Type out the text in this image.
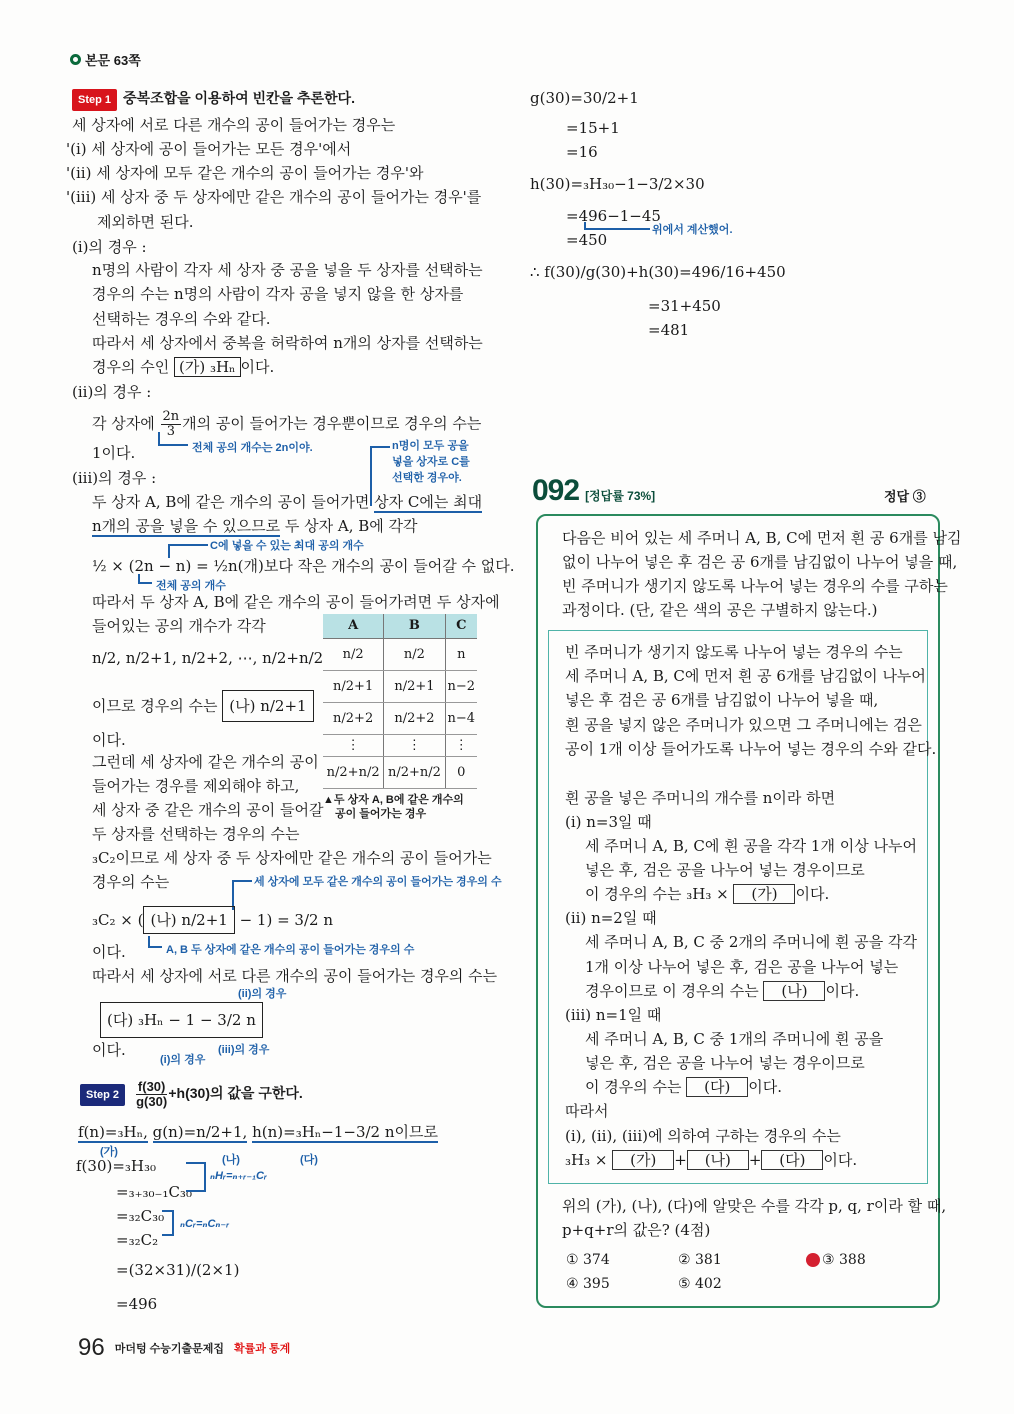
본문 63쪽
Step 1 중복조합을 이용하여 빈칸을 추론한다.
세 상자에 서로 다른 개수의 공이 들어가는 경우는
'(i) 세 상자에 공이 들어가는 모든 경우'에서
'(ii) 세 상자에 모두 같은 개수의 공이 들어가는 경우'와
'(iii) 세 상자 중 두 상자에만 같은 개수의 공이 들어가는 경우'를
제외하면 된다.
(i)의 경우 :
n명의 사람이 각자 세 상자 중 공을 넣을 두 상자를 선택하는
경우의 수는 n명의 사람이 각자 공을 넣지 않을 한 상자를
선택하는 경우의 수와 같다.
따라서 세 상자에서 중복을 허락하여 n개의 상자를 선택하는
경우의 수인 (가) ₃Hₙ 이다.
(ii)의 경우 :
각 상자에 $\frac{2n}{3}$ 개의 공이 들어가는 경우뿐이므로 경우의 수는
1이다.	전체 공의 개수는 2n이야.	n명이 모두 공을
넣을 상자로 C를
선택한 경우야.
(iii)의 경우 :
두 상자 A, B에 같은 개수의 공이 들어가면 상자 C에는 최대
n개의 공을 넣을 수 있으므로 두 상자 A, B에 각각
C에 넣을 수 있는 최대 공의 개수
½ × (2n − n) = ½n(개)보다 작은 개수의 공이 들어갈 수 없다.
전체 공의 개수
따라서 두 상자 A, B에 같은 개수의 공이 들어가려면 두 상자에
들어있는 공의 개수가 각각
n/2, n/2+1, n/2+2, ⋯, n/2+n/2
이므로 경우의 수는 (나) n/2+1
이다.
그런데 세 상자에 같은 개수의 공이
들어가는 경우를 제외해야 하고,
세 상자 중 같은 개수의 공이 들어갈
두 상자를 선택하는 경우의 수는
₃C₂이므로 세 상자 중 두 상자에만 같은 개수의 공이 들어가는
경우의 수는	세 상자에 모두 같은 개수의 공이 들어가는 경우의 수
₃C₂ × ( (나) n/2+1 − 1) = 3/2 n
이다.	A, B 두 상자에 같은 개수의 공이 들어가는 경우의 수
따라서 세 상자에 서로 다른 개수의 공이 들어가는 경우의 수는
(ii)의 경우
(다) ₃Hₙ − 1 − 3/2 n
(iii)의 경우
이다.
(i)의 경우
A	B	C
n/2	n/2	n
n/2+1	n/2+1	n−2
n/2+2	n/2+2	n−4
⋮	⋮	⋮
n/2+n/2	n/2+n/2	0
▲두 상자 A, B에 같은 개수의
공이 들어가는 경우
Step $2 \frac{f(30)}{g(30)} +h(30)$의 값을 구한다.
f(n)=₃Hₙ, g(n)=n/2+1, h(n)=₃Hₙ−1−3/2 n이므로
(가)
(나)	(다)
f(30)=₃H₃₀
=₃₊₃₀₋₁C₃₀
=₃₂C₃₀
=₃₂C₂
=(32×31)/(2×1)
=496
ₙHᵣ=ₙ₊ᵣ₋₁Cᵣ
ₙCᵣ=ₙCₙ₋ᵣ
g(30)=30/2+1
=15+1
=16
h(30)=₃H₃₀−1−3/2×30
=496−1−45
=450
위에서 계산했어.
∴ f(30)/g(30)+h(30)=496/16+450
=31+450
=481
092 [정답률 73%]	정답 ③
다음은 비어 있는 세 주머니 A, B, C에 먼저 흰 공 6개를 남김
없이 나누어 넣은 후 검은 공 6개를 남김없이 나누어 넣을 때,
빈 주머니가 생기지 않도록 나누어 넣는 경우의 수를 구하는
과정이다. (단, 같은 색의 공은 구별하지 않는다.)
빈 주머니가 생기지 않도록 나누어 넣는 경우의 수는
세 주머니 A, B, C에 먼저 흰 공 6개를 남김없이 나누어
넣은 후 검은 공 6개를 남김없이 나누어 넣을 때,
흰 공을 넣지 않은 주머니가 있으면 그 주머니에는 검은
공이 1개 이상 들어가도록 나누어 넣는 경우의 수와 같다.
흰 공을 넣은 주머니의 개수를 n이라 하면
(i) n=3일 때
세 주머니 A, B, C에 흰 공을 각각 1개 이상 나누어
넣은 후, 검은 공을 나누어 넣는 경우이므로
이 경우의 수는 ₃H₃ × (가) 이다.
(ii) n=2일 때
세 주머니 A, B, C 중 2개의 주머니에 흰 공을 각각
1개 이상 나누어 넣은 후, 검은 공을 나누어 넣는
경우이므로 이 경우의 수는 (나) 이다.
(iii) n=1일 때
세 주머니 A, B, C 중 1개의 주머니에 흰 공을
넣은 후, 검은 공을 나누어 넣는 경우이므로
이 경우의 수는 (다) 이다.
따라서
(i), (ii), (iii)에 의하여 구하는 경우의 수는
₃H₃ × (가) + (나) + (다) 이다.
위의 (가), (나), (다)에 알맞은 수를 각각 p, q, r이라 할 때,
p+q+r의 값은? (4점)
① 374	② 381	③ 388
④ 395	⑤ 402
96 마더텅 수능기출문제집 확률과 통계
